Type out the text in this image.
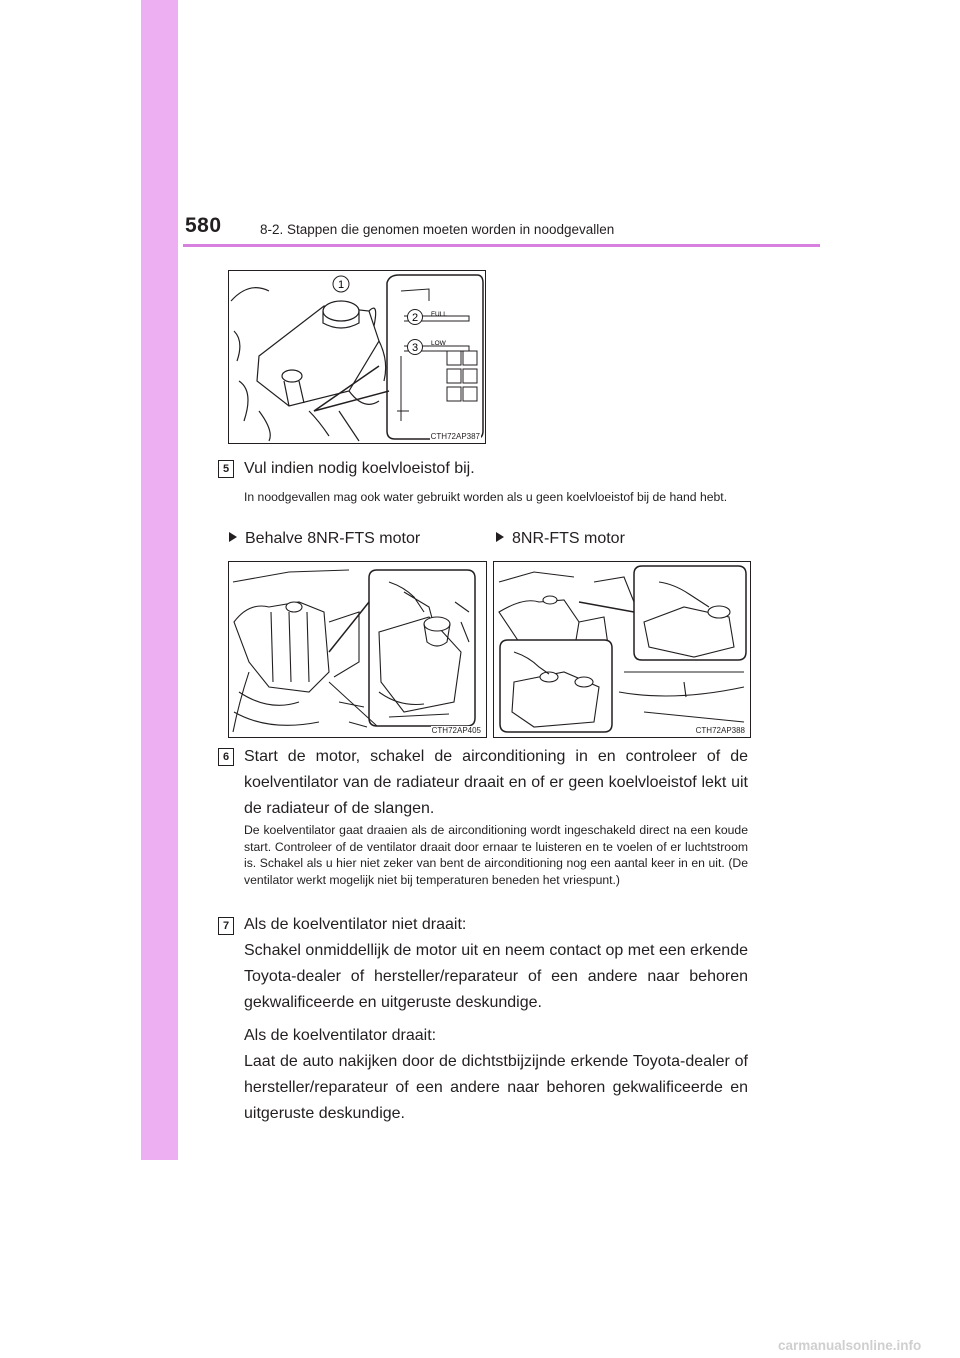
580	8-2. Stappen die genomen moeten worden in noodgevallen
1
2
3
FULL
LOW
CTH72AP387
5 Vul indien nodig koelvloeistof bij.
In noodgevallen mag ook water gebruikt worden als u geen koelvloeistof bij de hand hebt.
Behalve 8NR-FTS motor	8NR-FTS motor
CTH72AP405	CTH72AP388
6 Start de motor, schakel de airconditioning in en controleer of de koelventilator van de radiateur draait en of er geen koelvloeistof lekt uit de radiateur of de slangen.
De koelventilator gaat draaien als de airconditioning wordt ingeschakeld direct na een koude start. Controleer of de ventilator draait door ernaar te luisteren en te voelen of er luchtstroom is. Schakel als u hier niet zeker van bent de airconditioning nog een aantal keer in en uit. (De ventilator werkt mogelijk niet bij temperaturen beneden het vriespunt.)
7 Als de koelventilator niet draait:

Schakel onmiddellijk de motor uit en neem contact op met een erkende Toyota-dealer of hersteller/reparateur of een andere naar behoren gekwalificeerde en uitgeruste deskundige.

Als de koelventilator draait:

Laat de auto nakijken door de dichtstbijzijnde erkende Toyota-dealer of hersteller/reparateur of een andere naar behoren gekwalificeerde en uitgeruste deskundige.

carmanualsonline.info
